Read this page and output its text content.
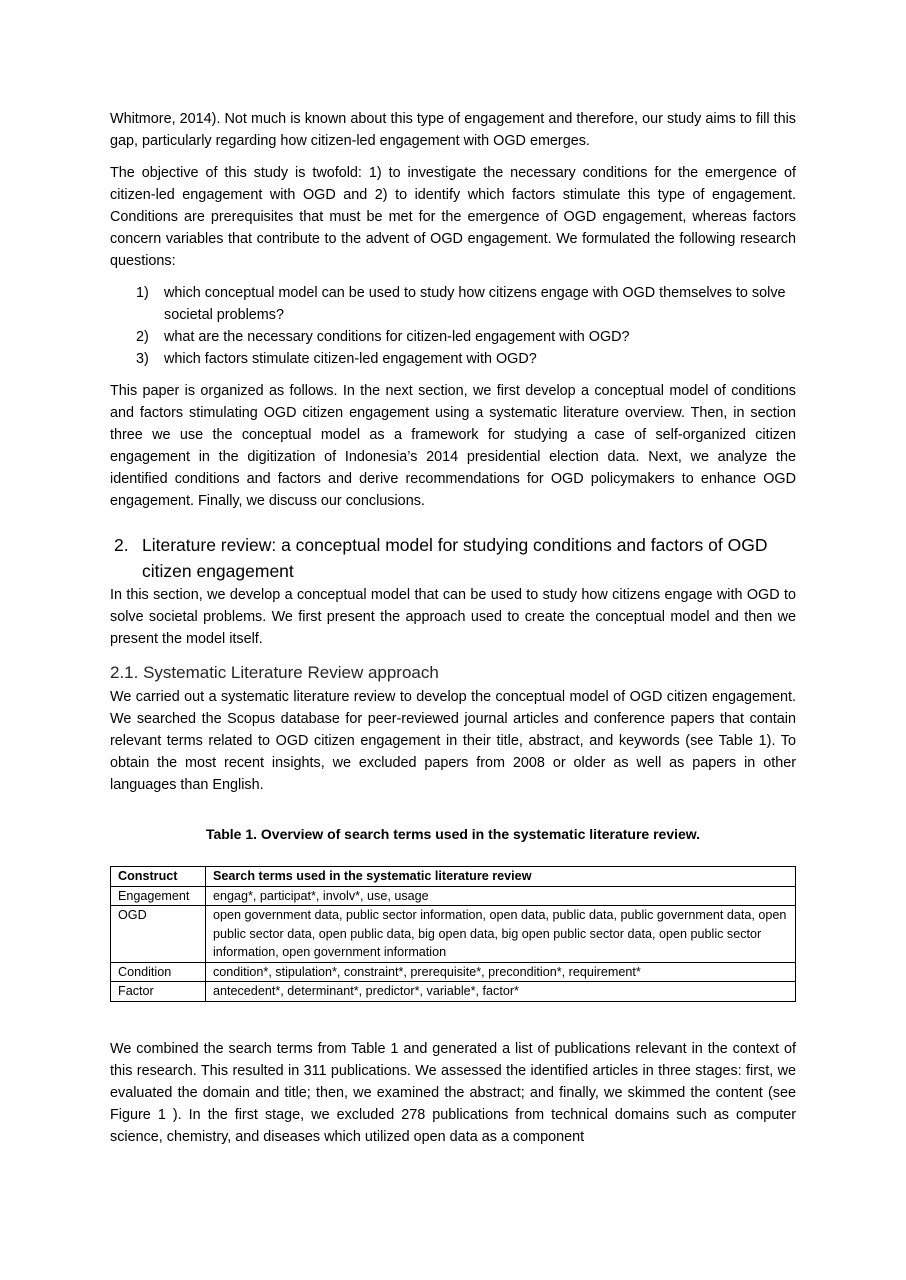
Whitmore, 2014). Not much is known about this type of engagement and therefore, our study aims to fill this gap, particularly regarding how citizen-led engagement with OGD emerges.

The objective of this study is twofold: 1) to investigate the necessary conditions for the emergence of citizen-led engagement with OGD and 2) to identify which factors stimulate this type of engagement. Conditions are prerequisites that must be met for the emergence of OGD engagement, whereas factors concern variables that contribute to the advent of OGD engagement. We formulated the following research questions:

1) which conceptual model can be used to study how citizens engage with OGD themselves to solve societal problems?
2) what are the necessary conditions for citizen-led engagement with OGD?
3) which factors stimulate citizen-led engagement with OGD?

This paper is organized as follows. In the next section, we first develop a conceptual model of conditions and factors stimulating OGD citizen engagement using a systematic literature overview. Then, in section three we use the conceptual model as a framework for studying a case of self-organized citizen engagement in the digitization of Indonesia’s 2014 presidential election data. Next, we analyze the identified conditions and factors and derive recommendations for OGD policymakers to enhance OGD engagement. Finally, we discuss our conclusions.

2. Literature review: a conceptual model for studying conditions and factors of OGD citizen engagement

In this section, we develop a conceptual model that can be used to study how citizens engage with OGD to solve societal problems. We first present the approach used to create the conceptual model and then we present the model itself.

2.1. Systematic Literature Review approach

We carried out a systematic literature review to develop the conceptual model of OGD citizen engagement. We searched the Scopus database for peer-reviewed journal articles and conference papers that contain relevant terms related to OGD citizen engagement in their title, abstract, and keywords (see Table 1). To obtain the most recent insights, we excluded papers from 2008 or older as well as papers in other languages than English.

Table 1. Overview of search terms used in the systematic literature review.

Construct	Search terms used in the systematic literature review
Engagement	engag*, participat*, involv*, use, usage
OGD	open government data, public sector information, open data, public data, public government data, open public sector data, open public data, big open data, big open public sector data, open public sector information, open government information
Condition	condition*, stipulation*, constraint*, prerequisite*, precondition*, requirement*
Factor	antecedent*, determinant*, predictor*, variable*, factor*

We combined the search terms from Table 1 and generated a list of publications relevant in the context of this research. This resulted in 311 publications. We assessed the identified articles in three stages: first, we evaluated the domain and title; then, we examined the abstract; and finally, we skimmed the content (see Figure 1 ). In the first stage, we excluded 278 publications from technical domains such as computer science, chemistry, and diseases which utilized open data as a component
